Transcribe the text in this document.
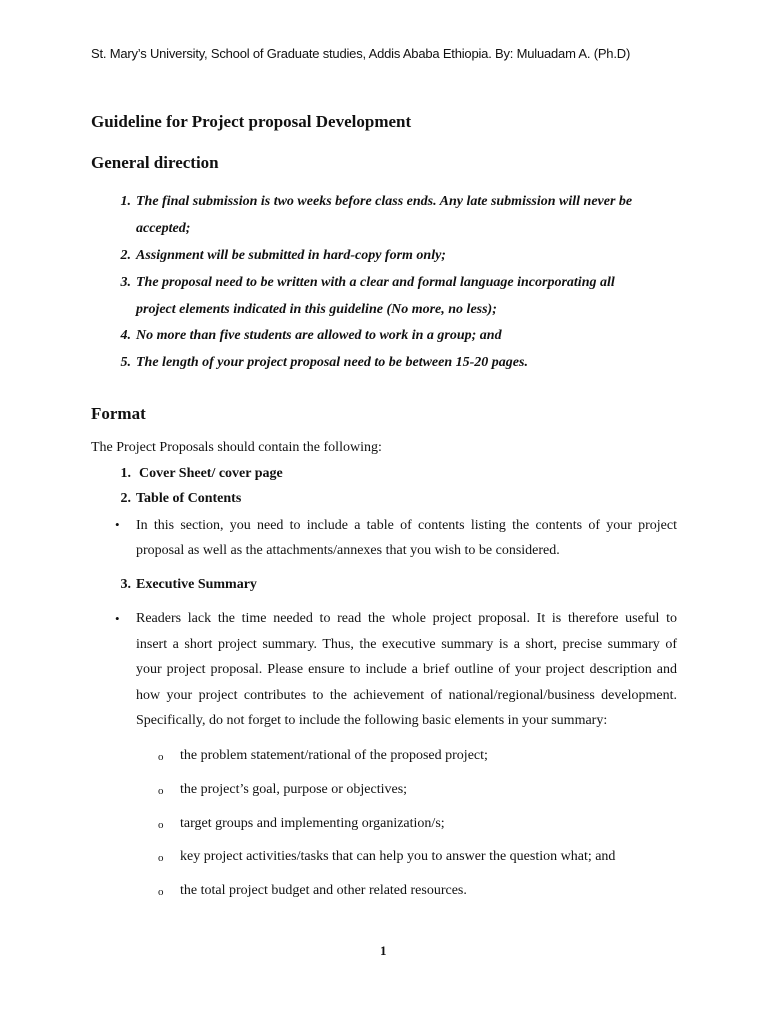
St. Mary’s University, School of Graduate studies, Addis Ababa Ethiopia. By: Muluadam A. (Ph.D)
Guideline for Project proposal Development
General direction
1. The final submission is two weeks before class ends. Any late submission will never be
accepted;
2. Assignment will be submitted in hard-copy form only;
3. The proposal need to be written with a clear and formal language incorporating all
project elements indicated in this guideline (No more, no less);
4. No more than five students are allowed to work in a group; and
5. The length of your project proposal need to be between 15-20 pages.
Format
The Project Proposals should contain the following:
1. Cover Sheet/ cover page
2. Table of Contents
• In this section, you need to include a table of contents listing the contents of your project
proposal as well as the attachments/annexes that you wish to be considered.
3. Executive Summary
• Readers lack the time needed to read the whole project proposal. It is therefore useful to
insert a short project summary. Thus, the executive summary is a short, precise summary of
your project proposal. Please ensure to include a brief outline of your project description and
how your project contributes to the achievement of national/regional/business development.
Specifically, do not forget to include the following basic elements in your summary:
o the problem statement/rational of the proposed project;
o the project’s goal, purpose or objectives;
o target groups and implementing organization/s;
o key project activities/tasks that can help you to answer the question what; and
o the total project budget and other related resources.
1
